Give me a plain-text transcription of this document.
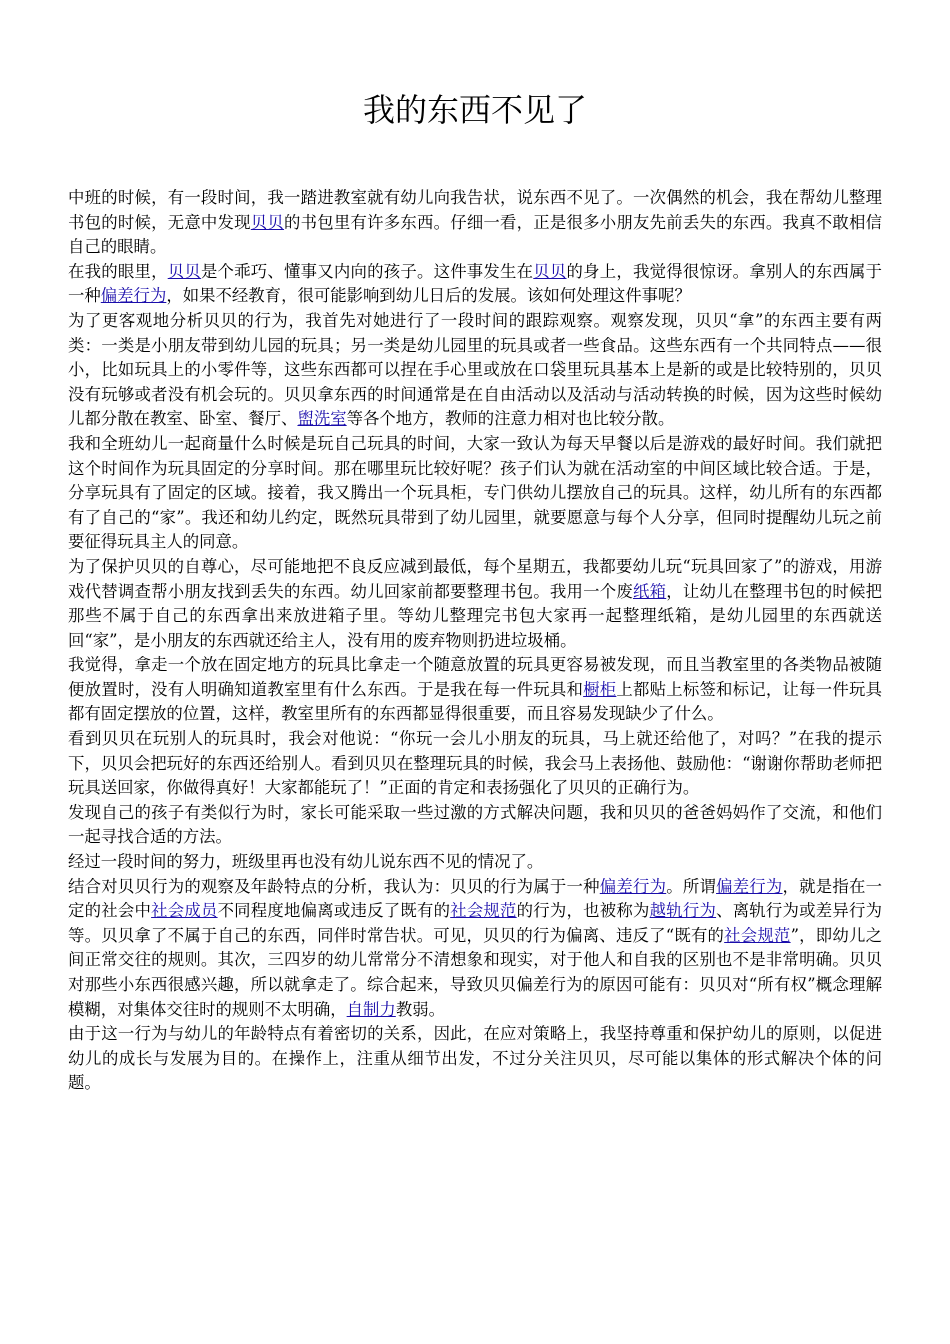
我的东西不见了

中班的时候，有一段时间，我一踏进教室就有幼儿向我告状，说东西不见了。一次偶然的机会，我在帮幼儿整理书包的时候，无意中发现贝贝的书包里有许多东西。仔细一看，正是很多小朋友先前丢失的东西。我真不敢相信自己的眼睛。

在我的眼里，贝贝是个乖巧、懂事又内向的孩子。这件事发生在贝贝的身上，我觉得很惊讶。拿别人的东西属于一种偏差行为，如果不经教育，很可能影响到幼儿日后的发展。该如何处理这件事呢？

为了更客观地分析贝贝的行为，我首先对她进行了一段时间的跟踪观察。观察发现，贝贝“拿”的东西主要有两类：一类是小朋友带到幼儿园的玩具；另一类是幼儿园里的玩具或者一些食品。这些东西有一个共同特点——很小，比如玩具上的小零件等，这些东西都可以捏在手心里或放在口袋里玩具基本上是新的或是比较特别的，贝贝没有玩够或者没有机会玩的。贝贝拿东西的时间通常是在自由活动以及活动与活动转换的时候，因为这些时候幼儿都分散在教室、卧室、餐厅、盥洗室等各个地方，教师的注意力相对也比较分散。

我和全班幼儿一起商量什么时候是玩自己玩具的时间，大家一致认为每天早餐以后是游戏的最好时间。我们就把这个时间作为玩具固定的分享时间。那在哪里玩比较好呢？孩子们认为就在活动室的中间区域比较合适。于是，分享玩具有了固定的区域。接着，我又腾出一个玩具柜，专门供幼儿摆放自己的玩具。这样，幼儿所有的东西都有了自己的“家”。我还和幼儿约定，既然玩具带到了幼儿园里，就要愿意与每个人分享，但同时提醒幼儿玩之前要征得玩具主人的同意。

为了保护贝贝的自尊心，尽可能地把不良反应减到最低，每个星期五，我都要幼儿玩“玩具回家了”的游戏，用游戏代替调查帮小朋友找到丢失的东西。幼儿回家前都要整理书包。我用一个废纸箱，让幼儿在整理书包的时候把那些不属于自己的东西拿出来放进箱子里。等幼儿整理完书包大家再一起整理纸箱，是幼儿园里的东西就送回“家”，是小朋友的东西就还给主人，没有用的废弃物则扔进垃圾桶。

我觉得，拿走一个放在固定地方的玩具比拿走一个随意放置的玩具更容易被发现，而且当教室里的各类物品被随便放置时，没有人明确知道教室里有什么东西。于是我在每一件玩具和橱柜上都贴上标签和标记，让每一件玩具都有固定摆放的位置，这样，教室里所有的东西都显得很重要，而且容易发现缺少了什么。

看到贝贝在玩别人的玩具时，我会对他说：“你玩一会儿小朋友的玩具，马上就还给他了，对吗？”在我的提示下，贝贝会把玩好的东西还给别人。看到贝贝在整理玩具的时候，我会马上表扬他、鼓励他：“谢谢你帮助老师把玩具送回家，你做得真好！大家都能玩了！”正面的肯定和表扬强化了贝贝的正确行为。

发现自己的孩子有类似行为时，家长可能采取一些过激的方式解决问题，我和贝贝的爸爸妈妈作了交流，和他们一起寻找合适的方法。

经过一段时间的努力，班级里再也没有幼儿说东西不见的情况了。

结合对贝贝行为的观察及年龄特点的分析，我认为：贝贝的行为属于一种偏差行为。所谓偏差行为，就是指在一定的社会中社会成员不同程度地偏离或违反了既有的社会规范的行为，也被称为越轨行为、离轨行为或差异行为等。贝贝拿了不属于自己的东西，同伴时常告状。可见，贝贝的行为偏离、违反了“既有的社会规范”，即幼儿之间正常交往的规则。其次，三四岁的幼儿常常分不清想象和现实，对于他人和自我的区别也不是非常明确。贝贝对那些小东西很感兴趣，所以就拿走了。综合起来，导致贝贝偏差行为的原因可能有：贝贝对“所有权”概念理解模糊，对集体交往时的规则不太明确，自制力教弱。

由于这一行为与幼儿的年龄特点有着密切的关系，因此，在应对策略上，我坚持尊重和保护幼儿的原则，以促进幼儿的成长与发展为目的。在操作上，注重从细节出发，不过分关注贝贝，尽可能以集体的形式解决个体的问题。
